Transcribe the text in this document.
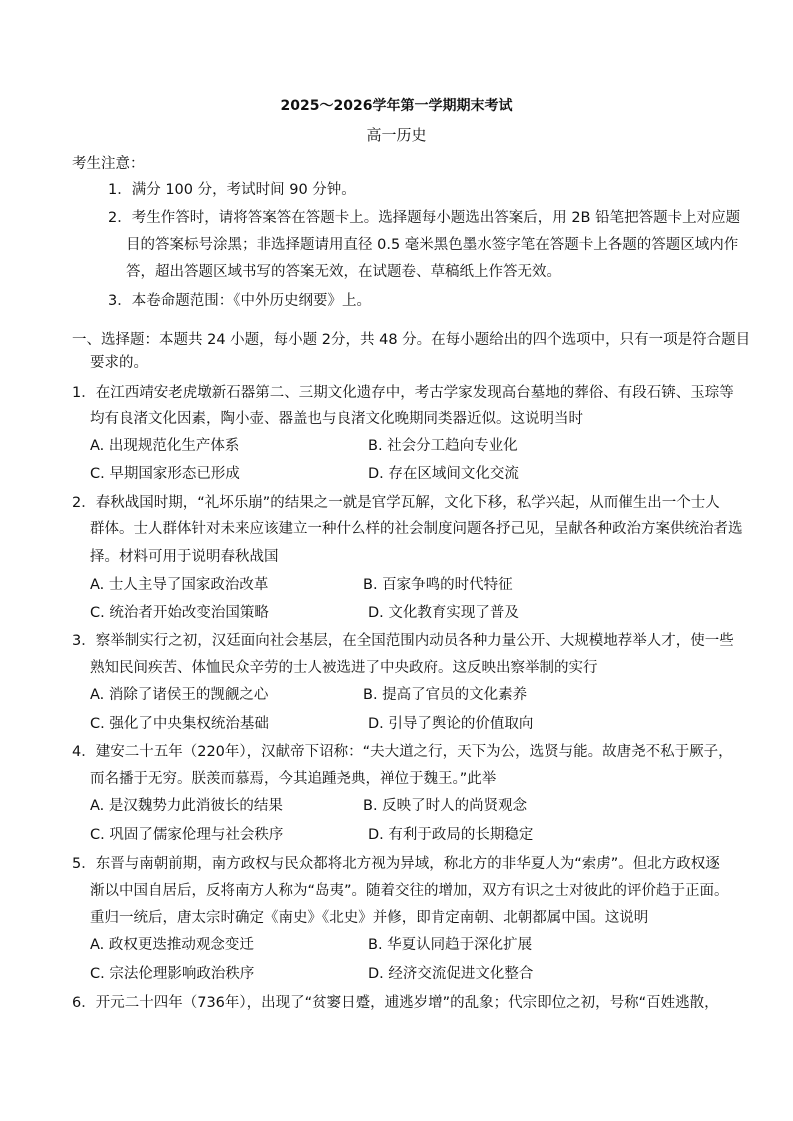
2025～2026学年第一学期期末考试
高一历史
考生注意：
1．满分 100 分，考试时间 90 分钟。
2．考生作答时，请将答案答在答题卡上。选择题每小题选出答案后，用 2B 铅笔把答题卡上对应题
目的答案标号涂黑；非选择题请用直径 0.5 毫米黑色墨水签字笔在答题卡上各题的答题区域内作
答，超出答题区域书写的答案无效，在试题卷、草稿纸上作答无效。
3．本卷命题范围：《中外历史纲要》上。
一、选择题：本题共 24 小题，每小题 2分，共 48 分。在每小题给出的四个选项中，只有一项是符合题目
要求的。
1．在江西靖安老虎墩新石器第二、三期文化遗存中，考古学家发现高台墓地的葬俗、有段石锛、玉琮等
均有良渚文化因素，陶小壶、器盖也与良渚文化晚期同类器近似。这说明当时
A. 出现规范化生产体系	B. 社会分工趋向专业化
C. 早期国家形态已形成	D. 存在区域间文化交流
2．春秋战国时期，“礼坏乐崩”的结果之一就是官学瓦解，文化下移，私学兴起，从而催生出一个士人
群体。士人群体针对未来应该建立一种什么样的社会制度问题各抒己见，呈献各种政治方案供统治者选
择。材料可用于说明春秋战国
A. 士人主导了国家政治改革	B. 百家争鸣的时代特征
C. 统治者开始改变治国策略	D. 文化教育实现了普及
3．察举制实行之初，汉廷面向社会基层，在全国范围内动员各种力量公开、大规模地荐举人才，使一些
熟知民间疾苦、体恤民众辛劳的士人被选进了中央政府。这反映出察举制的实行
A. 消除了诸侯王的觊觎之心	B. 提高了官员的文化素养
C. 强化了中央集权统治基础	D. 引导了舆论的价值取向
4．建安二十五年（220年），汉献帝下诏称：“夫大道之行，天下为公，选贤与能。故唐尧不私于厥子，
而名播于无穷。朕羡而慕焉，今其追踵尧典，禅位于魏王。”此举
A. 是汉魏势力此消彼长的结果	B. 反映了时人的尚贤观念
C. 巩固了儒家伦理与社会秩序	D. 有利于政局的长期稳定
5．东晋与南朝前期，南方政权与民众都将北方视为异域，称北方的非华夏人为“索虏”。但北方政权逐
渐以中国自居后，反将南方人称为“岛夷”。随着交往的增加，双方有识之士对彼此的评价趋于正面。
重归一统后，唐太宗时确定《南史》《北史》并修，即肯定南朝、北朝都属中国。这说明
A. 政权更迭推动观念变迁	B. 华夏认同趋于深化扩展
C. 宗法伦理影响政治秩序	D. 经济交流促进文化整合
6．开元二十四年（736年），出现了“贫窭日蹙，逋逃岁增”的乱象；代宗即位之初，号称“百姓逃散，
